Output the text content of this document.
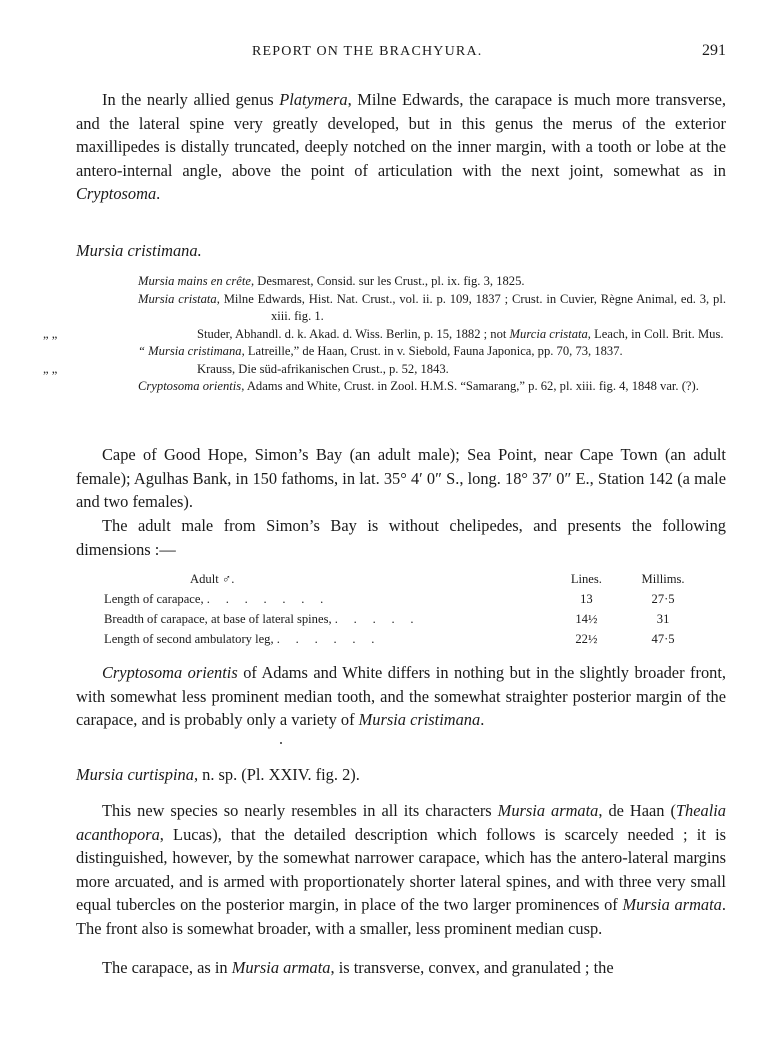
REPORT ON THE BRACHYURA.	291
In the nearly allied genus Platymera, Milne Edwards, the carapace is much more transverse, and the lateral spine very greatly developed, but in this genus the merus of the exterior maxillipedes is distally truncated, deeply notched on the inner margin, with a tooth or lobe at the antero-internal angle, above the point of articulation with the next joint, somewhat as in Cryptosoma.
Mursia cristimana.
Mursia mains en crête, Desmarest, Consid. sur les Crust., pl. ix. fig. 3, 1825.
Mursia cristata, Milne Edwards, Hist. Nat. Crust., vol. ii. p. 109, 1837 ; Crust. in Cuvier, Règne Animal, ed. 3, pl. xiii. fig. 1.
„ „	Studer, Abhandl. d. k. Akad. d. Wiss. Berlin, p. 15, 1882 ; not Murcia cristata, Leach, in Coll. Brit. Mus.
“ Mursia cristimana, Latreille,” de Haan, Crust. in v. Siebold, Fauna Japonica, pp. 70, 73, 1837.
„ „	Krauss, Die süd-afrikanischen Crust., p. 52, 1843.
Cryptosoma orientis, Adams and White, Crust. in Zool. H.M.S. “Samarang,” p. 62, pl. xiii. fig. 4, 1848 var. (?).
Cape of Good Hope, Simon’s Bay (an adult male); Sea Point, near Cape Town (an adult female); Agulhas Bank, in 150 fathoms, in lat. 35° 4′ 0″ S., long. 18° 37′ 0″ E., Station 142 (a male and two females).
The adult male from Simon’s Bay is without chelipedes, and presents the following dimensions :—
Adult ♂.	Lines.	Millims.
Length of carapace, .     .     .     .     .     .     .	13	27·5
Breadth of carapace, at base of lateral spines, .     .     .     .     .	14½	31
Length of second ambulatory leg, .     .     .     .     .     .	22½	47·5
Cryptosoma orientis of Adams and White differs in nothing but in the slightly broader front, with somewhat less prominent median tooth, and the somewhat straighter posterior margin of the carapace, and is probably only a variety of Mursia cristimana.
Mursia curtispina, n. sp. (Pl. XXIV. fig. 2).
This new species so nearly resembles in all its characters Mursia armata, de Haan (Thealia acanthopora, Lucas), that the detailed description which follows is scarcely needed ; it is distinguished, however, by the somewhat narrower carapace, which has the antero-lateral margins more arcuated, and is armed with proportionately shorter lateral spines, and with three very small equal tubercles on the posterior margin, in place of the two larger prominences of Mursia armata. The front also is somewhat broader, with a smaller, less prominent median cusp.
The carapace, as in Mursia armata, is transverse, convex, and granulated ; the
